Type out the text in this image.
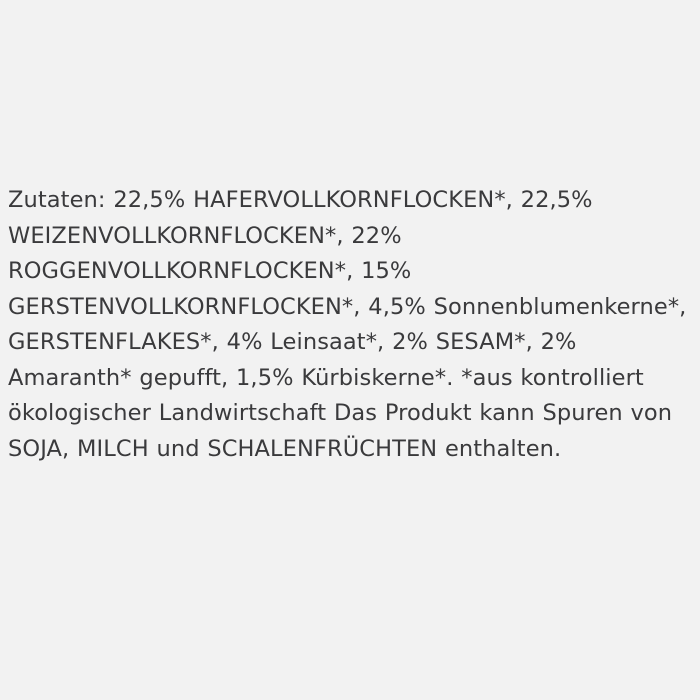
Zutaten: 22,5% HAFERVOLLKORNFLOCKEN*, 22,5% WEIZENVOLLKORNFLOCKEN*, 22% ROGGENVOLLKORNFLOCKEN*, 15% GERSTENVOLLKORNFLOCKEN*, 4,5% Sonnenblumenkerne*, GERSTENFLAKES*, 4% Leinsaat*, 2% SESAM*, 2% Amaranth* gepufft, 1,5% Kürbiskerne*. *aus kontrolliert ökologischer Landwirtschaft Das Produkt kann Spuren von SOJA, MILCH und SCHALENFRÜCHTEN enthalten.
